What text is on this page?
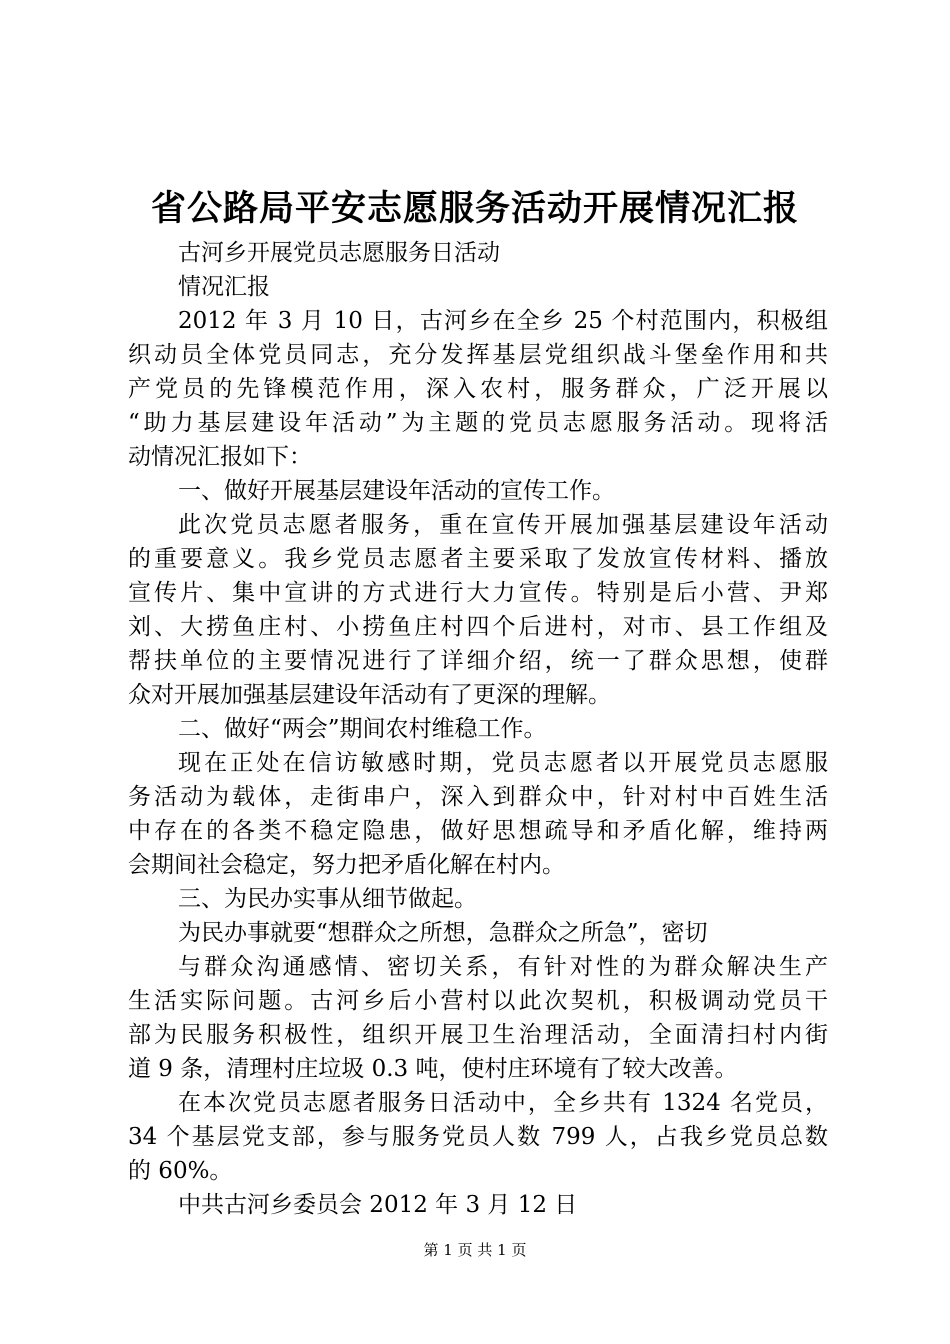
省公路局平安志愿服务活动开展情况汇报
古河乡开展党员志愿服务日活动
情况汇报
2012 年 3 月 10 日，古河乡在全乡 25 个村范围内，积极组
织动员全体党员同志，充分发挥基层党组织战斗堡垒作用和共
产党员的先锋模范作用，深入农村，服务群众，广泛开展以
“助力基层建设年活动”为主题的党员志愿服务活动。现将活
动情况汇报如下：
一、做好开展基层建设年活动的宣传工作。
此次党员志愿者服务，重在宣传开展加强基层建设年活动
的重要意义。我乡党员志愿者主要采取了发放宣传材料、播放
宣传片、集中宣讲的方式进行大力宣传。特别是后小营、尹郑
刘、大捞鱼庄村、小捞鱼庄村四个后进村，对市、县工作组及
帮扶单位的主要情况进行了详细介绍，统一了群众思想，使群
众对开展加强基层建设年活动有了更深的理解。
二、做好“两会”期间农村维稳工作。
现在正处在信访敏感时期，党员志愿者以开展党员志愿服
务活动为载体，走街串户，深入到群众中，针对村中百姓生活
中存在的各类不稳定隐患，做好思想疏导和矛盾化解，维持两
会期间社会稳定，努力把矛盾化解在村内。
三、为民办实事从细节做起。
为民办事就要“想群众之所想，急群众之所急”，密切
与群众沟通感情、密切关系，有针对性的为群众解决生产
生活实际问题。古河乡后小营村以此次契机，积极调动党员干
部为民服务积极性，组织开展卫生治理活动，全面清扫村内街
道 9 条，清理村庄垃圾 0.3 吨，使村庄环境有了较大改善。
在本次党员志愿者服务日活动中，全乡共有 1324 名党员，
34 个基层党支部，参与服务党员人数 799 人，占我乡党员总数
的 60%。
中共古河乡委员会 2012 年 3 月 12 日
第 1 页 共 1 页
